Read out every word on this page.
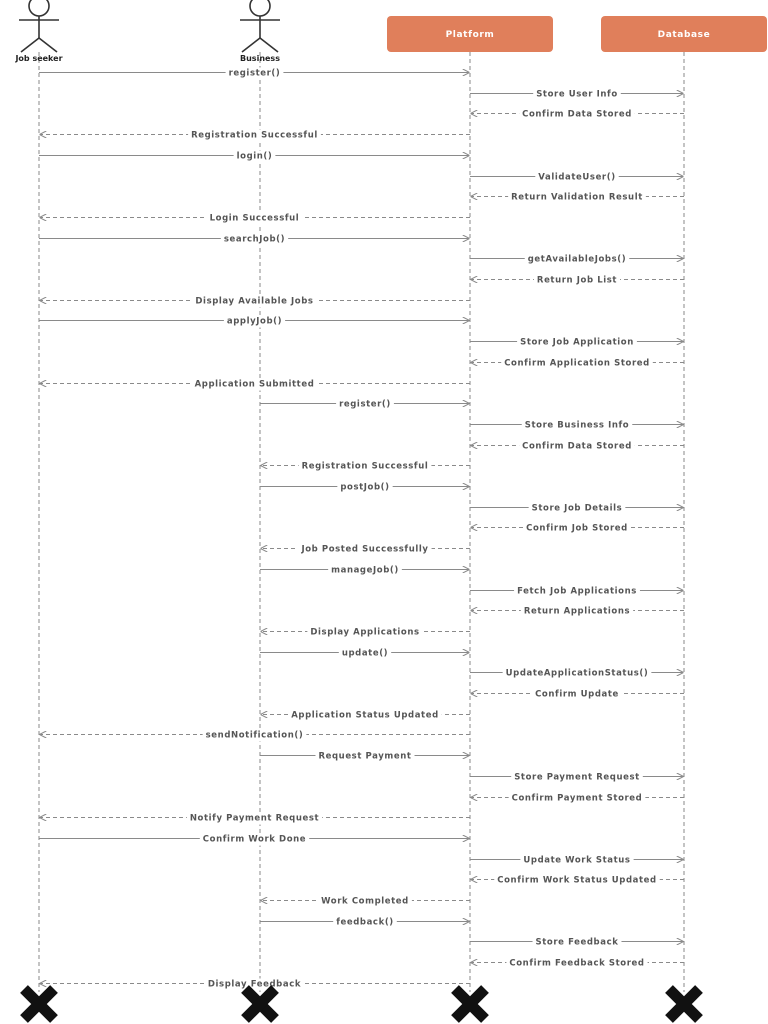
Job seeker	Business
Platform	Database
register()
Store User Info
Confirm Data Stored
Registration Successful
login()
ValidateUser()
Return Validation Result
Login Successful
searchJob()
getAvailableJobs()
Return Job List
Display Available Jobs
applyJob()
Store Job Application
Confirm Application Stored
Application Submitted
register()
Store Business Info
Confirm Data Stored
Registration Successful
postJob()
Store Job Details
Confirm Job Stored
Job Posted Successfully
manageJob()
Fetch Job Applications
Return Applications
Display Applications
update()
UpdateApplicationStatus()
Confirm Update
Application Status Updated
sendNotification()
Request Payment
Store Payment Request
Confirm Payment Stored
Notify Payment Request
Confirm Work Done
Update Work Status
Confirm Work Status Updated
Work Completed
feedback()
Store Feedback
Confirm Feedback Stored
Display Feedback
